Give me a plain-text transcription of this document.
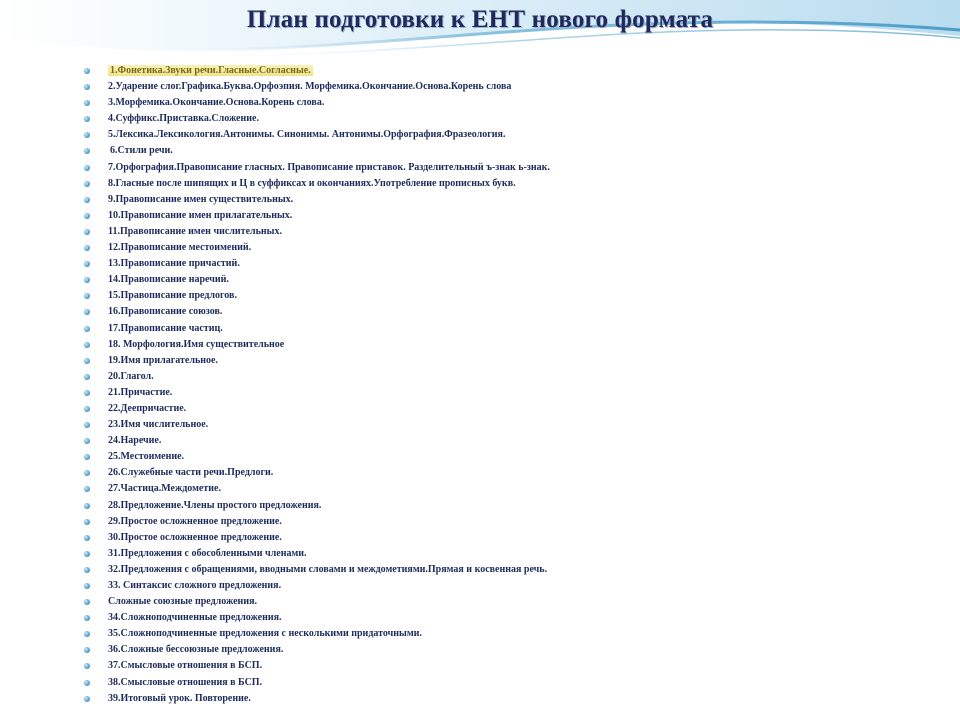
План подготовки к ЕНТ нового формата
1.Фонетика.Звуки речи.Гласные.Согласные.
2.Ударение слог.Графика.Буква.Орфоэпия. Морфемика.Окончание.Основа.Корень слова
3.Морфемика.Окончание.Основа.Корень слова.
4.Суффикс.Приставка.Сложение.
5.Лексика.Лексикология.Антонимы. Синонимы. Антонимы.Орфография.Фразеология.
6.Стили речи.
7.Орфография.Правописание гласных. Правописание приставок. Разделительный ъ-знак ь-знак.
8.Гласные после шипящих и Ц в суффиксах и окончаниях.Употребление прописных букв.
9.Правописание имен существительных.
10.Правописание имен прилагательных.
11.Правописание имен числительных.
12.Правописание местоимений.
13.Правописание причастий.
14.Правописание наречий.
15.Правописание предлогов.
16.Правописание союзов.
17.Правописание частиц.
18. Морфология.Имя существительное
19.Имя прилагательное.
20.Глагол.
21.Причастие.
22.Деепричастие.
23.Имя числительное.
24.Наречие.
25.Местоимение.
26.Служебные части речи.Предлоги.
27.Частица.Междометие.
28.Предложение.Члены простого предложения.
29.Простое осложненное предложение.
30.Простое осложненное предложение.
31.Предложения с обособленными членами.
32.Предложения с обращениями, вводными словами и междометиями.Прямая и косвенная речь.
33. Синтаксис сложного предложения.
Сложные союзные предложения.
34.Сложноподчиненные предложения.
35.Сложноподчиненные предложения с несколькими придаточными.
36.Сложные бессоюзные предложения.
37.Смысловые отношения в БСП.
38.Смысловые отношения в БСП.
39.Итоговый урок. Повторение.
